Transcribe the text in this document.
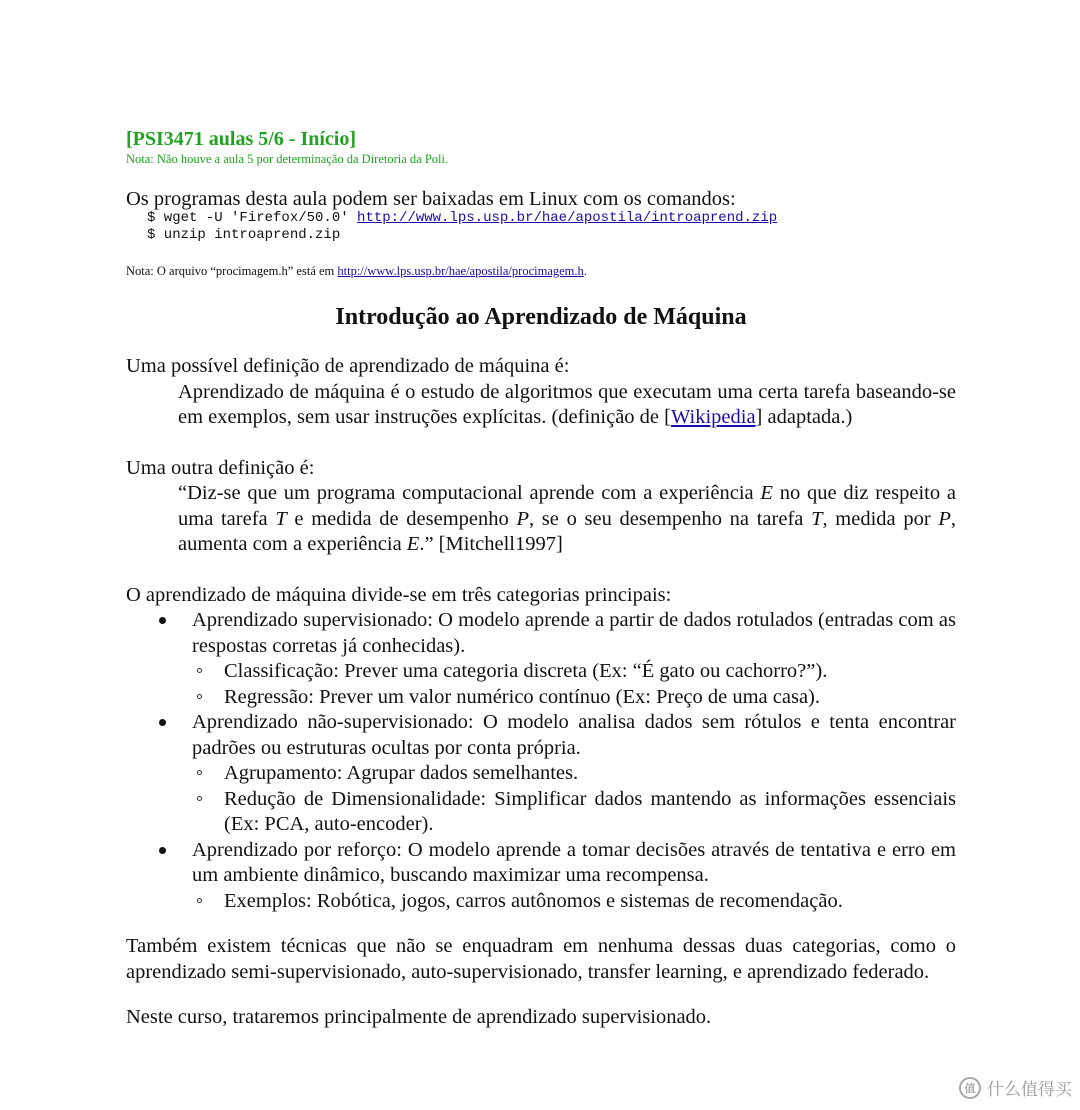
[PSI3471 aulas 5/6 - Início]

Nota: Não houve a aula 5 por determinação da Diretoria da Poli.

Os programas desta aula podem ser baixadas em Linux com os comandos:

$ wget -U 'Firefox/50.0' http://www.lps.usp.br/hae/apostila/introaprend.zip

$ unzip introaprend.zip

Nota: O arquivo “procimagem.h” está em http://www.lps.usp.br/hae/apostila/procimagem.h.

Introdução ao Aprendizado de Máquina

Uma possível definição de aprendizado de máquina é:

Aprendizado de máquina é o estudo de algoritmos que executam uma certa tarefa baseando-se em exemplos, sem usar instruções explícitas. (definição de [Wikipedia] adaptada.)

Uma outra definição é:

“Diz-se que um programa computacional aprende com a experiência E no que diz respeito a uma tarefa T e medida de desempenho P, se o seu desempenho na tarefa T, medida por P, aumenta com a experiência E.” [Mitchell1997]

O aprendizado de máquina divide-se em três categorias principais:

Aprendizado supervisionado: O modelo aprende a partir de dados rotulados (entradas com as respostas corretas já conhecidas).
Classificação: Prever uma categoria discreta (Ex: “É gato ou cachorro?”).
Regressão: Prever um valor numérico contínuo (Ex: Preço de uma casa).
Aprendizado não-supervisionado: O modelo analisa dados sem rótulos e tenta encontrar padrões ou estruturas ocultas por conta própria.
Agrupamento: Agrupar dados semelhantes.
Redução de Dimensionalidade: Simplificar dados mantendo as informações essenciais (Ex: PCA, auto-encoder).
Aprendizado por reforço: O modelo aprende a tomar decisões através de tentativa e erro em um ambiente dinâmico, buscando maximizar uma recompensa.
Exemplos: Robótica, jogos, carros autônomos e sistemas de recomendação.

Também existem técnicas que não se enquadram em nenhuma dessas duas categorias, como o aprendizado semi-supervisionado, auto-supervisionado, transfer learning, e aprendizado federado.

Neste curso, trataremos principalmente de aprendizado supervisionado.

值 什么值得买
